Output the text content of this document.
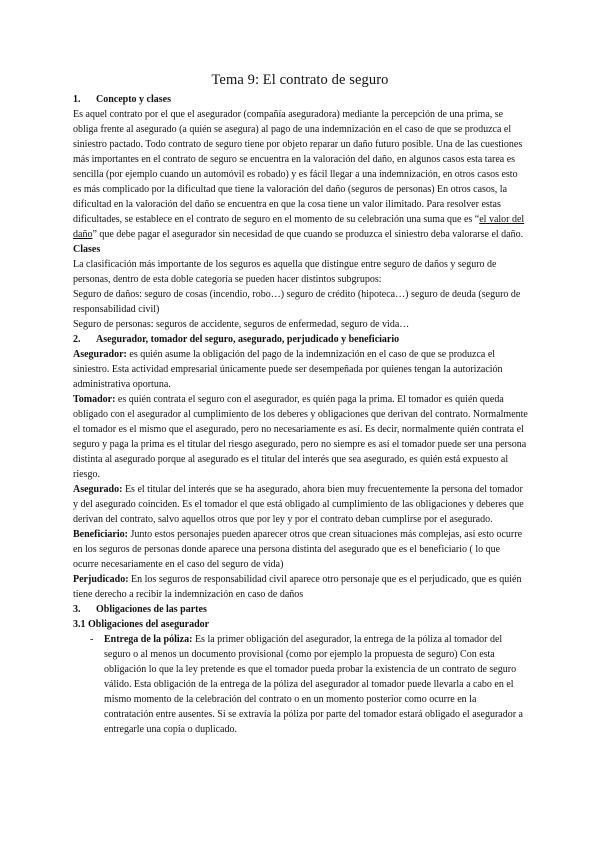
Tema 9: El contrato de seguro

1. Concepto y clases

Es aquel contrato por el que el asegurador (compañía aseguradora) mediante la percepción de una prima, se obliga frente al asegurado (a quién se asegura) al pago de una indemnización en el caso de que se produzca el siniestro pactado. Todo contrato de seguro tiene por objeto reparar un daño futuro posible. Una de las cuestiones más importantes en el contrato de seguro se encuentra en la valoración del daño, en algunos casos esta tarea es sencilla (por ejemplo cuando un automóvil es robado) y es fácil llegar a una indemnización, en otros casos esto es más complicado por la dificultad que tiene la valoración del daño (seguros de personas) En otros casos, la dificultad en la valoración del daño se encuentra en que la cosa tiene un valor ilimitado. Para resolver estas dificultades, se establece en el contrato de seguro en el momento de su celebración una suma que es “el valor del daño” que debe pagar el asegurador sin necesidad de que cuando se produzca el siniestro deba valorarse el daño.

Clases

La clasificación más importante de los seguros es aquella que distingue entre seguro de daños y seguro de personas, dentro de esta doble categoría se pueden hacer distintos subgrupos:

Seguro de daños: seguro de cosas (incendio, robo…) seguro de crédito (hipoteca…) seguro de deuda (seguro de responsabilidad civil)

Seguro de personas: seguros de accidente, seguros de enfermedad, seguro de vida…

2. Asegurador, tomador del seguro, asegurado, perjudicado y beneficiario

Asegurador: es quién asume la obligación del pago de la indemnización en el caso de que se produzca el siniestro. Esta actividad empresarial únicamente puede ser desempeñada por quienes tengan la autorización administrativa oportuna.

Tomador: es quién contrata el seguro con el asegurador, es quién paga la prima. El tomador es quién queda obligado con el asegurador al cumplimiento de los deberes y obligaciones que derivan del contrato. Normalmente el tomador es el mismo que el asegurado, pero no necesariamente es así. Es decir, normalmente quién contrata el seguro y paga la prima es el titular del riesgo asegurado, pero no siempre es así el tomador puede ser una persona distinta al asegurado porque al asegurado es el titular del interés que sea asegurado, es quién está expuesto al riesgo.

Asegurado: Es el titular del interés que se ha asegurado, ahora bien muy frecuentemente la persona del tomador y del asegurado coinciden. Es el tomador el que está obligado al cumplimiento de las obligaciones y deberes que derivan del contrato, salvo aquellos otros que por ley y por el contrato deban cumplirse por el asegurado.

Beneficiario: Junto estos personajes pueden aparecer otros que crean situaciones más complejas, así esto ocurre en los seguros de personas donde aparece una persona distinta del asegurado que es el beneficiario ( lo que ocurre necesariamente en el caso del seguro de vida)

Perjudicado: En los seguros de responsabilidad civil aparece otro personaje que es el perjudicado, que es quién tiene derecho a recibir la indemnización en caso de daños

3. Obligaciones de las partes

3.1 Obligaciones del asegurador

- Entrega de la póliza: Es la primer obligación del asegurador, la entrega de la póliza al tomador del seguro o al menos un documento provisional (como por ejemplo la propuesta de seguro) Con esta obligación lo que la ley pretende es que el tomador pueda probar la existencia de un contrato de seguro válido. Esta obligación de la entrega de la póliza del asegurador al tomador puede llevarla a cabo en el mismo momento de la celebración del contrato o en un momento posterior como ocurre en la contratación entre ausentes. Si se extravía la póliza por parte del tomador estará obligado el asegurador a entregarle una copia o duplicado.
